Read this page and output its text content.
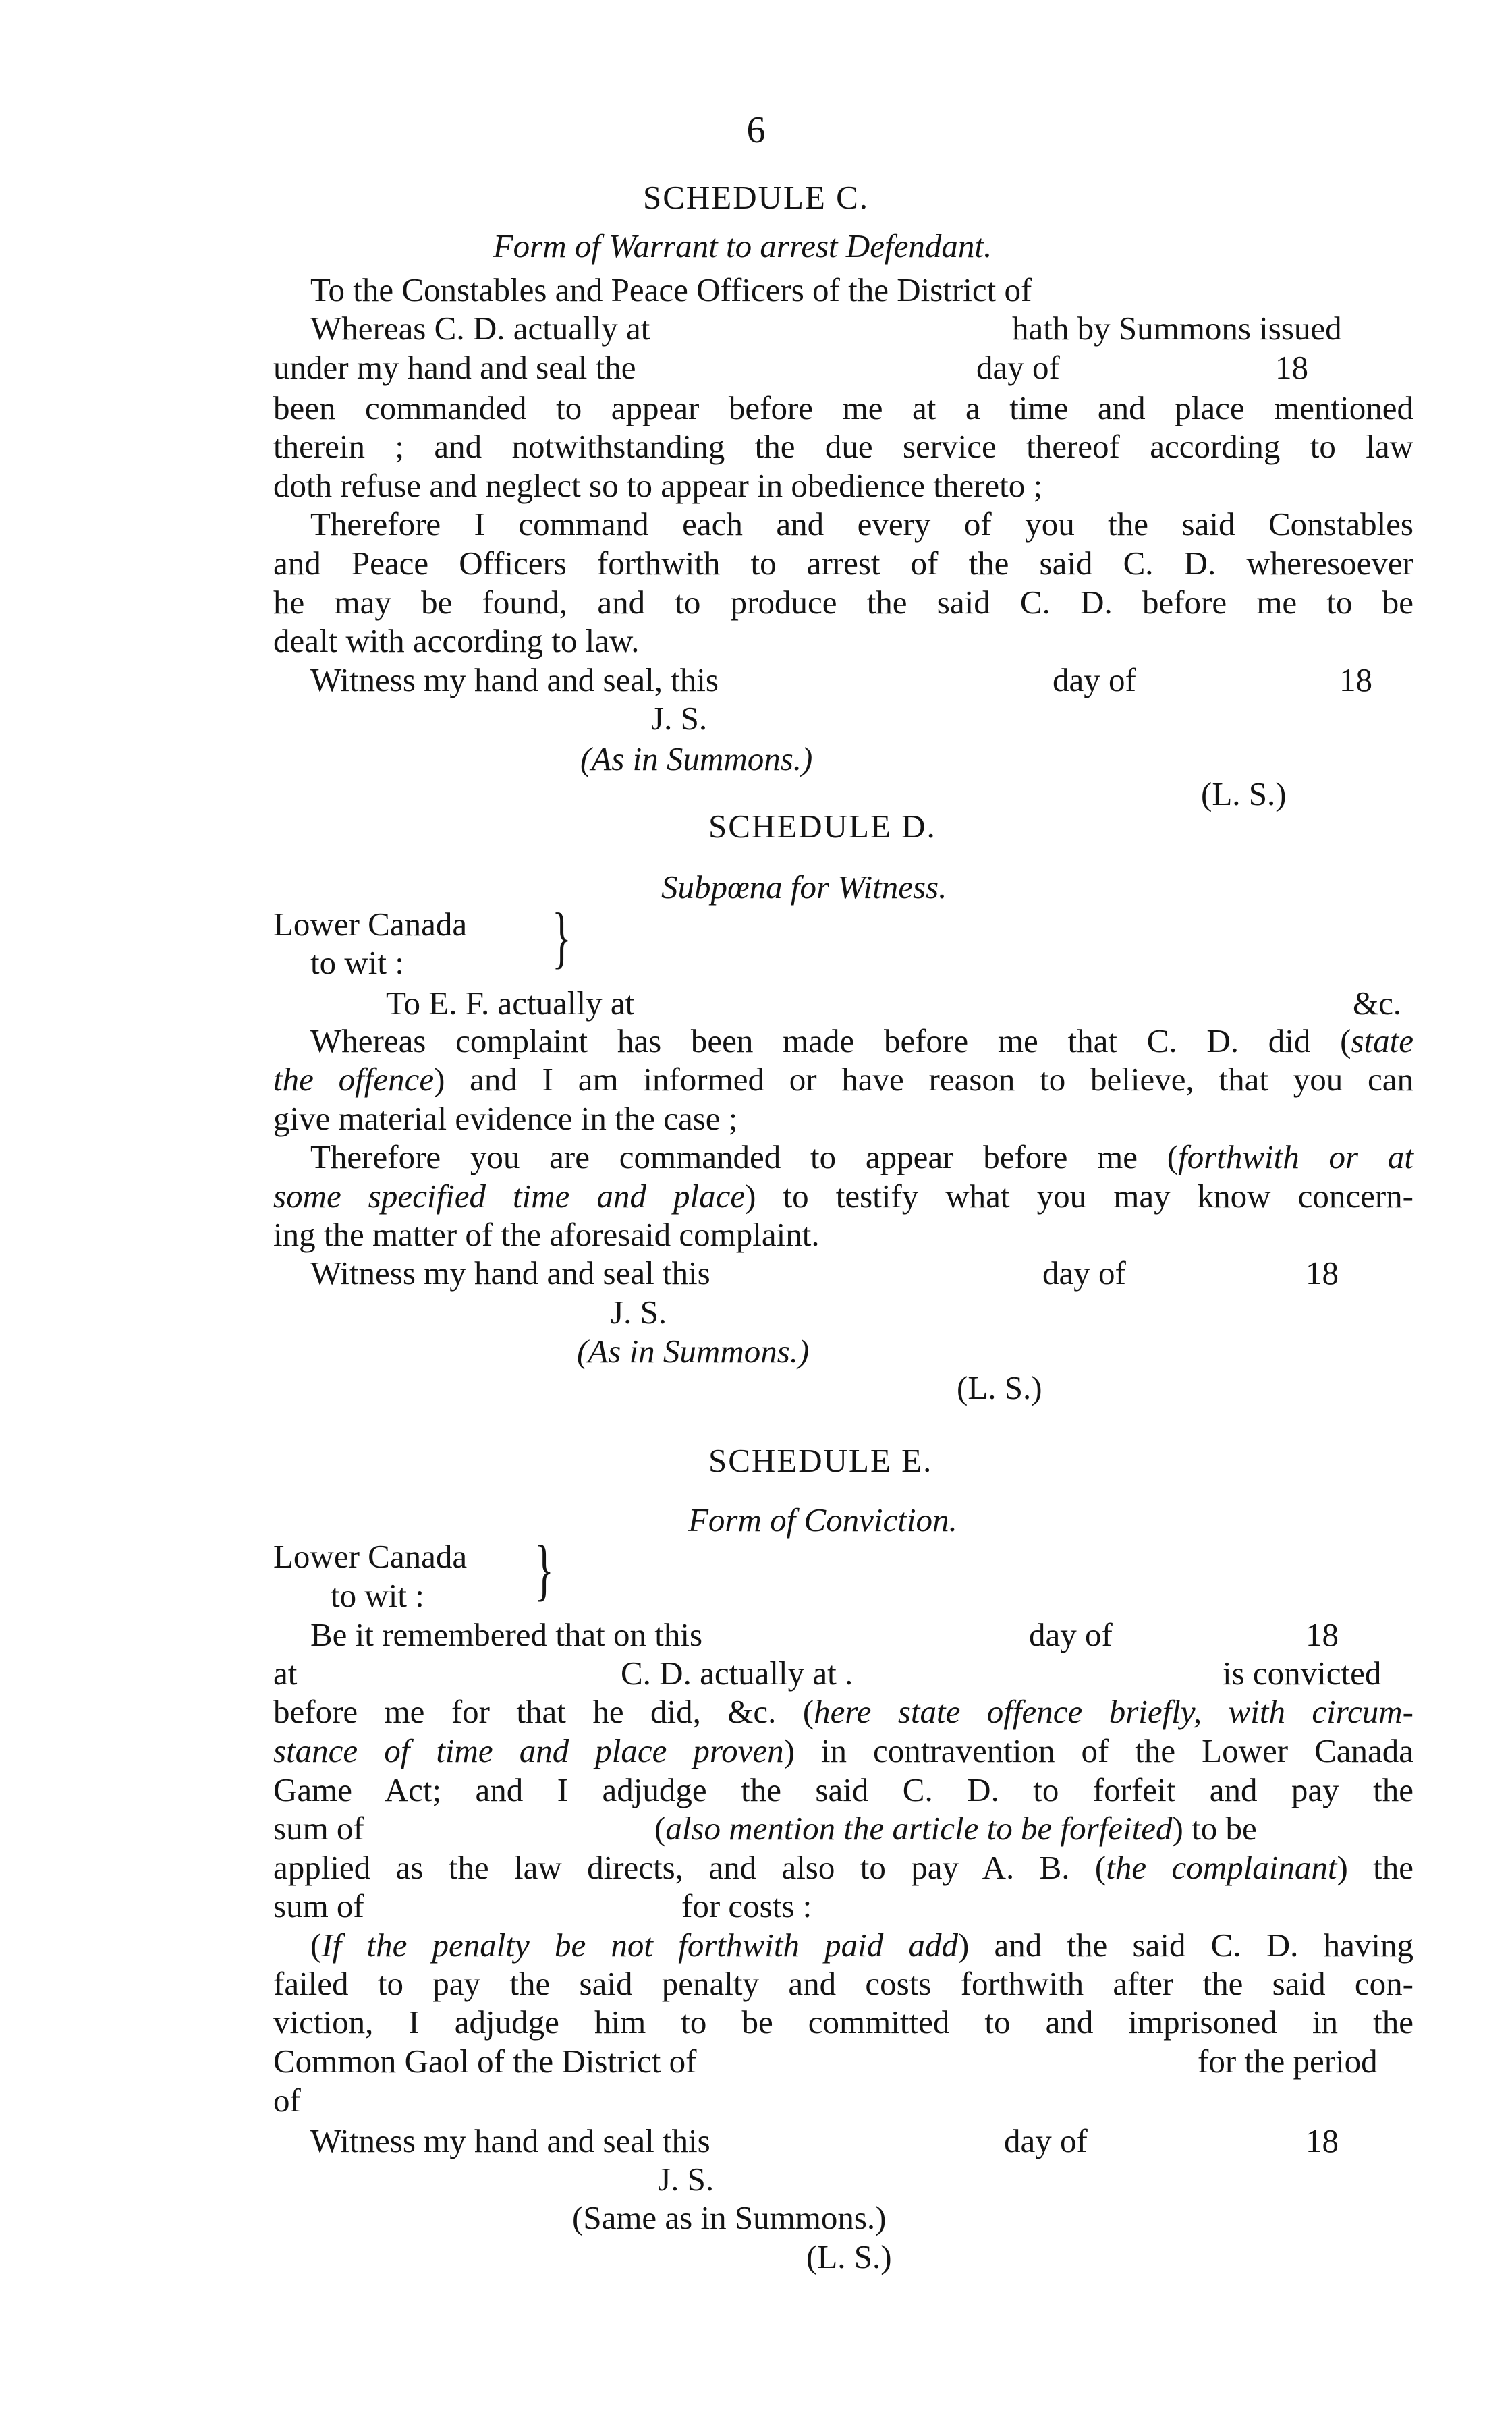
6
SCHEDULE C.
Form of Warrant to arrest Defendant.
To the Constables and Peace Officers of the District of
Whereas C. D. actually at	hath by Summons issued
under my hand and seal the	day of	18
been commanded to appear before me at a time and place mentioned
therein ; and notwithstanding the due service thereof according to law
doth refuse and neglect so to appear in obedience thereto ;
Therefore I command each and every of you the said Constables
and Peace Officers forthwith to arrest of the said C. D. wheresoever
he may be found, and to produce the said C. D. before me to be
dealt with according to law.
Witness my hand and seal, this	day of	18
J. S.
(As in Summons.)
(L. S.)
SCHEDULE D.
Subpœna for Witness.
Lower Canada
to wit :	}
To E. F. actually at	&c.
Whereas complaint has been made before me that C. D. did (state
the offence) and I am informed or have reason to believe, that you can
give material evidence in the case ;
Therefore you are commanded to appear before me (forthwith or at
some specified time and place) to testify what you may know concern-
ing the matter of the aforesaid complaint.
Witness my hand and seal this	day of	18
J. S.
(As in Summons.)
(L. S.)
SCHEDULE E.
Form of Conviction.
Lower Canada
to wit :	}
Be it remembered that on this	day of	18
at	C. D. actually at .	is convicted
before me for that he did, &c. (here state offence briefly, with circum-
stance of time and place proven) in contravention of the Lower Canada
Game Act; and I adjudge the said C. D. to forfeit and pay the
sum of	(also mention the article to be forfeited) to be
applied as the law directs, and also to pay A. B. (the complainant) the
sum of	for costs :
(If the penalty be not forthwith paid add) and the said C. D. having
failed to pay the said penalty and costs forthwith after the said con-
viction, I adjudge him to be committed to and imprisoned in the
Common Gaol of the District of	for the period
of
Witness my hand and seal this	day of	18
J. S.
(Same as in Summons.)
(L. S.)
